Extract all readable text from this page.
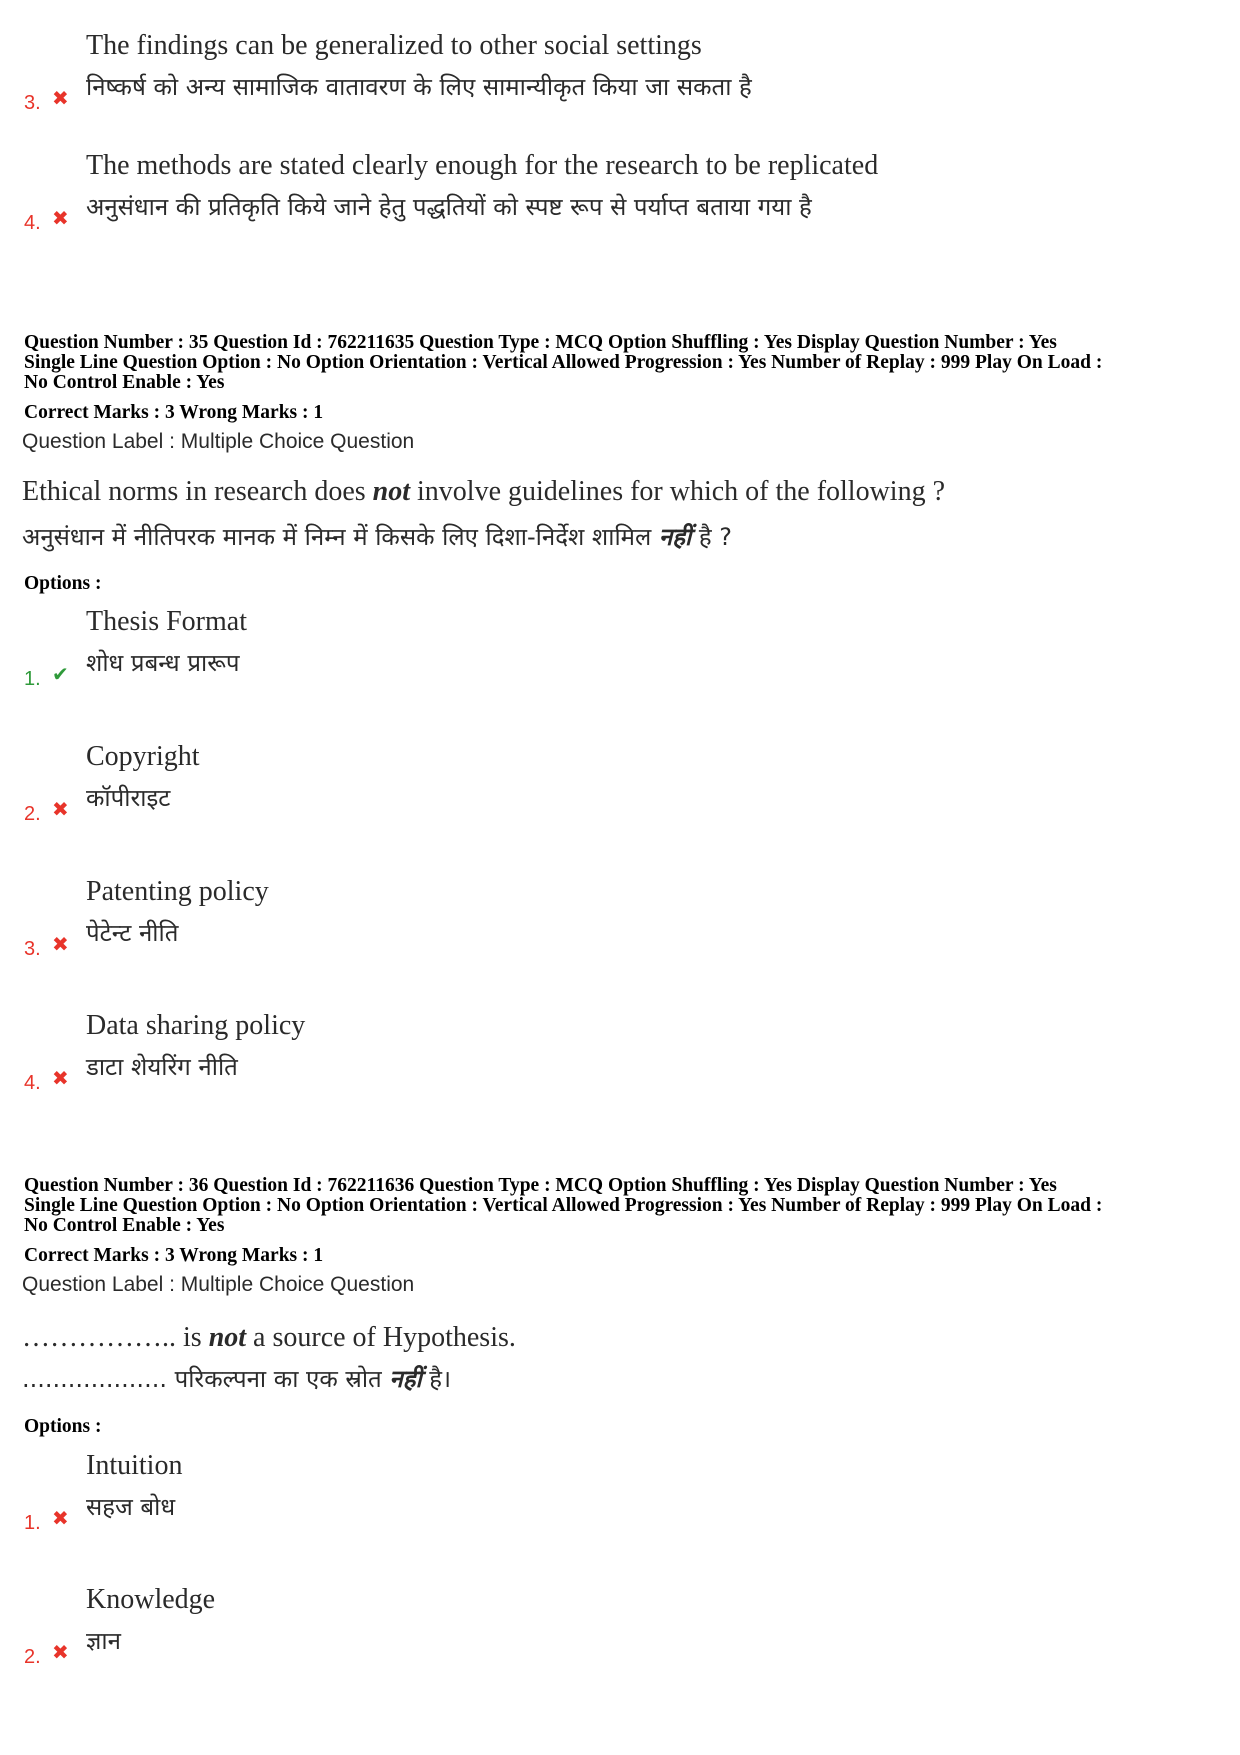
The findings can be generalized to other social settings
निष्कर्ष को अन्य सामाजिक वातावरण के लिए सामान्यीकृत किया जा सकता है
3. ✖
The methods are stated clearly enough for the research to be replicated
अनुसंधान की प्रतिकृति किये जाने हेतु पद्धतियों को स्पष्ट रूप से पर्याप्त बताया गया है
4. ✖
Question Number : 35 Question Id : 762211635 Question Type : MCQ Option Shuffling : Yes Display Question Number : Yes
Single Line Question Option : No Option Orientation : Vertical Allowed Progression : Yes Number of Replay : 999 Play On Load :
No Control Enable : Yes
Correct Marks : 3 Wrong Marks : 1
Question Label : Multiple Choice Question
Ethical norms in research does not involve guidelines for which of the following ?
अनुसंधान में नीतिपरक मानक में निम्न में किसके लिए दिशा-निर्देश शामिल नहीं है ?
Options :
Thesis Format
शोध प्रबन्ध प्रारूप
1. ✔
Copyright
कॉपीराइट
2. ✖
Patenting policy
पेटेन्ट नीति
3. ✖
Data sharing policy
डाटा शेयरिंग नीति
4. ✖
Question Number : 36 Question Id : 762211636 Question Type : MCQ Option Shuffling : Yes Display Question Number : Yes
Single Line Question Option : No Option Orientation : Vertical Allowed Progression : Yes Number of Replay : 999 Play On Load :
No Control Enable : Yes
Correct Marks : 3 Wrong Marks : 1
Question Label : Multiple Choice Question
…………….. is not a source of Hypothesis.
................... परिकल्पना का एक स्रोत नहीं है।
Options :
Intuition
सहज बोध
1. ✖
Knowledge
ज्ञान
2. ✖
